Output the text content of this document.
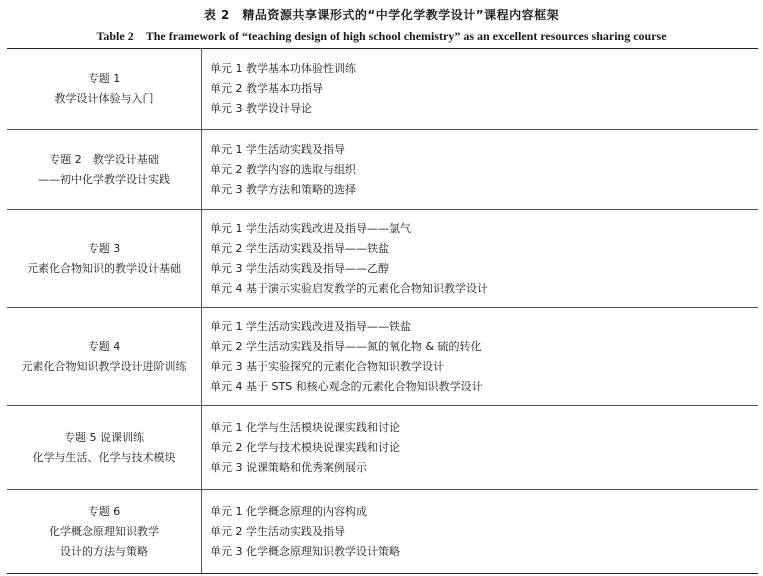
表 2　精品资源共享课形式的“中学化学教学设计”课程内容框架
Table 2　The framework of “teaching design of high school chemistry” as an excellent resources sharing course
专题 1
教学设计体验与入门
单元 1 教学基本功体验性训练
单元 2 教学基本功指导
单元 3 教学设计导论
专题 2　教学设计基础
——初中化学教学设计实践
单元 1 学生活动实践及指导
单元 2 教学内容的选取与组织
单元 3 教学方法和策略的选择
专题 3
元素化合物知识的教学设计基础
单元 1 学生活动实践改进及指导——氯气
单元 2 学生活动实践及指导——铁盐
单元 3 学生活动实践及指导——乙醇
单元 4 基于演示实验启发教学的元素化合物知识教学设计
专题 4
元素化合物知识教学设计进阶训练
单元 1 学生活动实践改进及指导——铁盐
单元 2 学生活动实践及指导——氮的氧化物 & 硫的转化
单元 3 基于实验探究的元素化合物知识教学设计
单元 4 基于 STS 和核心观念的元素化合物知识教学设计
专题 5 说课训练
化学与生活、化学与技术模块
单元 1 化学与生活模块说课实践和讨论
单元 2 化学与技术模块说课实践和讨论
单元 3 说课策略和优秀案例展示
专题 6
化学概念原理知识教学
设计的方法与策略
单元 1 化学概念原理的内容构成
单元 2 学生活动实践及指导
单元 3 化学概念原理知识教学设计策略
